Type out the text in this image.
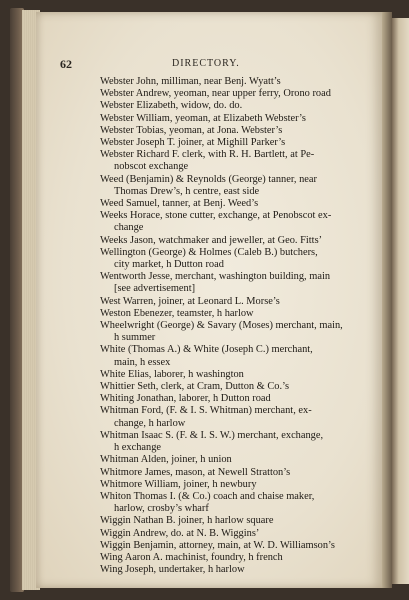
62	DIRECTORY.
Webster John, milliman, near Benj. Wyatt’s
Webster Andrew, yeoman, near upper ferry, Orono road
Webster Elizabeth, widow, do. do.
Webster William, yeoman, at Elizabeth Webster’s
Webster Tobias, yeoman, at Jona. Webster’s
Webster Joseph T. joiner, at Mighill Parker’s
Webster Richard F. clerk, with R. H. Bartlett, at Pe-
nobscot exchange
Weed (Benjamin) & Reynolds (George) tanner, near
Thomas Drew’s, h centre, east side
Weed Samuel, tanner, at Benj. Weed’s
Weeks Horace, stone cutter, exchange, at Penobscot ex-
change
Weeks Jason, watchmaker and jeweller, at Geo. Fitts’
Wellington (George) & Holmes (Caleb B.) butchers,
city market, h Dutton road
Wentworth Jesse, merchant, washington building, main
[see advertisement]
West Warren, joiner, at Leonard L. Morse’s
Weston Ebenezer, teamster, h harlow
Wheelwright (George) & Savary (Moses) merchant, main,
h summer
White (Thomas A.) & White (Joseph C.) merchant,
main, h essex
White Elias, laborer, h washington
Whittier Seth, clerk, at Cram, Dutton & Co.’s
Whiting Jonathan, laborer, h Dutton road
Whitman Ford, (F. & I. S. Whitman) merchant, ex-
change, h harlow
Whitman Isaac S. (F. & I. S. W.) merchant, exchange,
h exchange
Whitman Alden, joiner, h union
Whitmore James, mason, at Newell Stratton’s
Whitmore William, joiner, h newbury
Whiton Thomas I. (& Co.) coach and chaise maker,
harlow, crosby’s wharf
Wiggin Nathan B. joiner, h harlow square
Wiggin Andrew, do. at N. B. Wiggins’
Wiggin Benjamin, attorney, main, at W. D. Williamson’s
Wing Aaron A. machinist, foundry, h french
Wing Joseph, undertaker, h harlow
